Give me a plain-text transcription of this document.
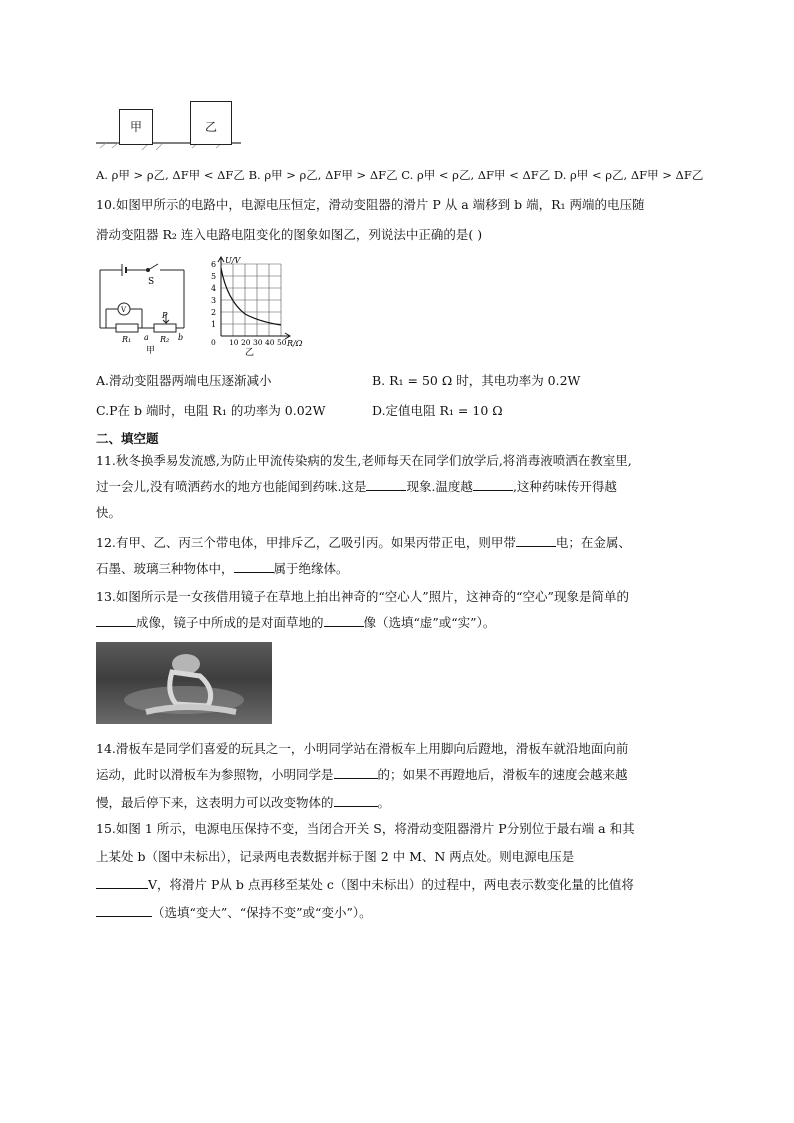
甲	乙
A. ρ甲 > ρ乙, ΔF甲 < ΔF乙 B. ρ甲 > ρ乙, ΔF甲 > ΔF乙 C. ρ甲 < ρ乙, ΔF甲 < ΔF乙 D. ρ甲 < ρ乙, ΔF甲 > ΔF乙
10.如图甲所示的电路中，电源电压恒定，滑动变阻器的滑片 P 从 a 端移到 b 端，R₁ 两端的电压随
滑动变阻器 R₂ 连入电路电阻变化的图象如图乙，列说法中正确的是( )
S
V
P
R₁ a R₂ b
甲
U/V
R/Ω
1
2
3
4
5
6
0 10 20 30 40 50
乙
A.滑动变阻器两端电压逐渐减小	B. R₁ = 50 Ω 时，其电功率为 0.2W
C.P在 b 端时，电阻 R₁ 的功率为 0.02W	D.定值电阻 R₁ = 10 Ω
二、填空题
11.秋冬换季易发流感,为防止甲流传染病的发生,老师每天在同学们放学后,将消毒液喷洒在教室里,
过一会儿,没有喷洒药水的地方也能闻到药味.这是	现象.温度越	,这种药味传开得越
快。
12.有甲、乙、丙三个带电体，甲排斥乙，乙吸引丙。如果丙带正电，则甲带	电；在金属、
石墨、玻璃三种物体中，	属于绝缘体。
13.如图所示是一女孩借用镜子在草地上拍出神奇的“空心人”照片，这神奇的“空心”现象是简单的
成像，镜子中所成的是对面草地的	像（选填“虚”或“实”）。
14.滑板车是同学们喜爱的玩具之一，小明同学站在滑板车上用脚向后蹬地，滑板车就沿地面向前
运动，此时以滑板车为参照物，小明同学是	的；如果不再蹬地后，滑板车的速度会越来越
慢，最后停下来，这表明力可以改变物体的	。
15.如图 1 所示，电源电压保持不变，当闭合开关 S，将滑动变阻器滑片 P分别位于最右端 a 和其
上某处 b（图中未标出），记录两电表数据并标于图 2 中 M、N 两点处。则电源电压是
V，将滑片 P从 b 点再移至某处 c（图中未标出）的过程中，两电表示数变化量的比值将
（选填“变大”、“保持不变”或“变小”）。
